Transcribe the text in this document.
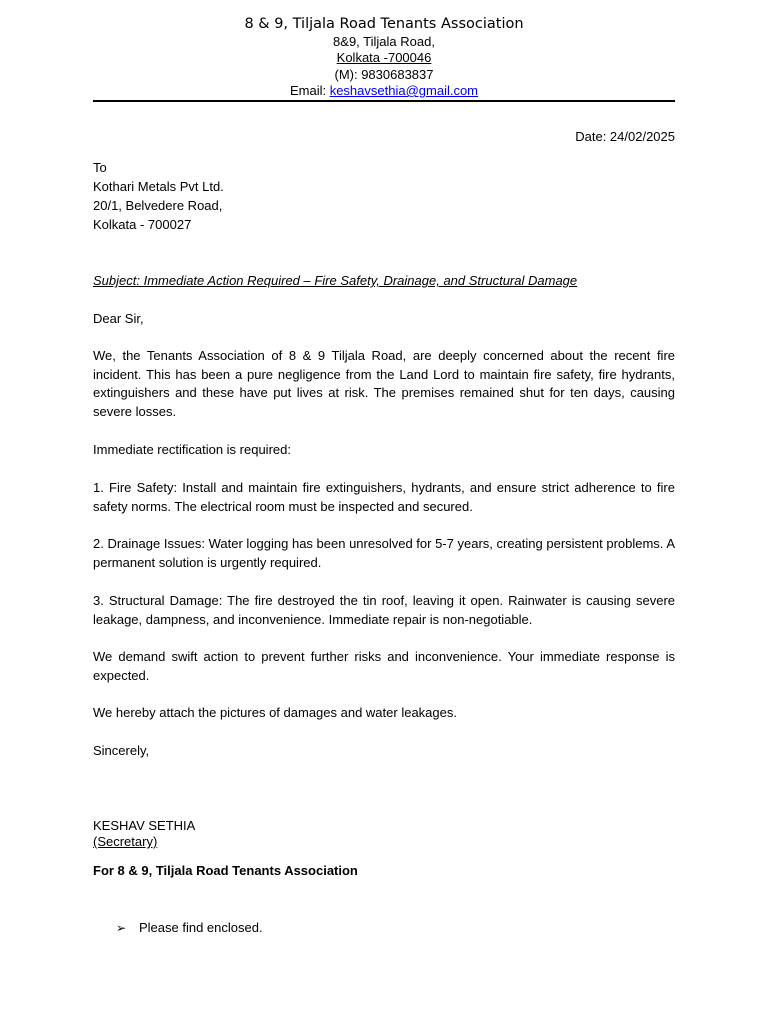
8 & 9, Tiljala Road Tenants Association
8&9, Tiljala Road,
Kolkata -700046
(M): 9830683837
Email: keshavsethia@gmail.com
Date: 24/02/2025
To
Kothari Metals Pvt Ltd.
20/1, Belvedere Road,
Kolkata - 700027
Subject: Immediate Action Required – Fire Safety, Drainage, and Structural Damage
Dear Sir,
We, the Tenants Association of 8 & 9 Tiljala Road, are deeply concerned about the recent fire incident. This has been a pure negligence from the Land Lord to maintain fire safety, fire hydrants, extinguishers and these have put lives at risk. The premises remained shut for ten days, causing severe losses.
Immediate rectification is required:
1. Fire Safety: Install and maintain fire extinguishers, hydrants, and ensure strict adherence to fire safety norms. The electrical room must be inspected and secured.
2. Drainage Issues: Water logging has been unresolved for 5-7 years, creating persistent problems. A permanent solution is urgently required.
3. Structural Damage: The fire destroyed the tin roof, leaving it open. Rainwater is causing severe leakage, dampness, and inconvenience. Immediate repair is non-negotiable.
We demand swift action to prevent further risks and inconvenience. Your immediate response is expected.
We hereby attach the pictures of damages and water leakages.
Sincerely,
KESHAV SETHIA
(Secretary)
For 8 & 9, Tiljala Road Tenants Association
➢ Please find enclosed.
